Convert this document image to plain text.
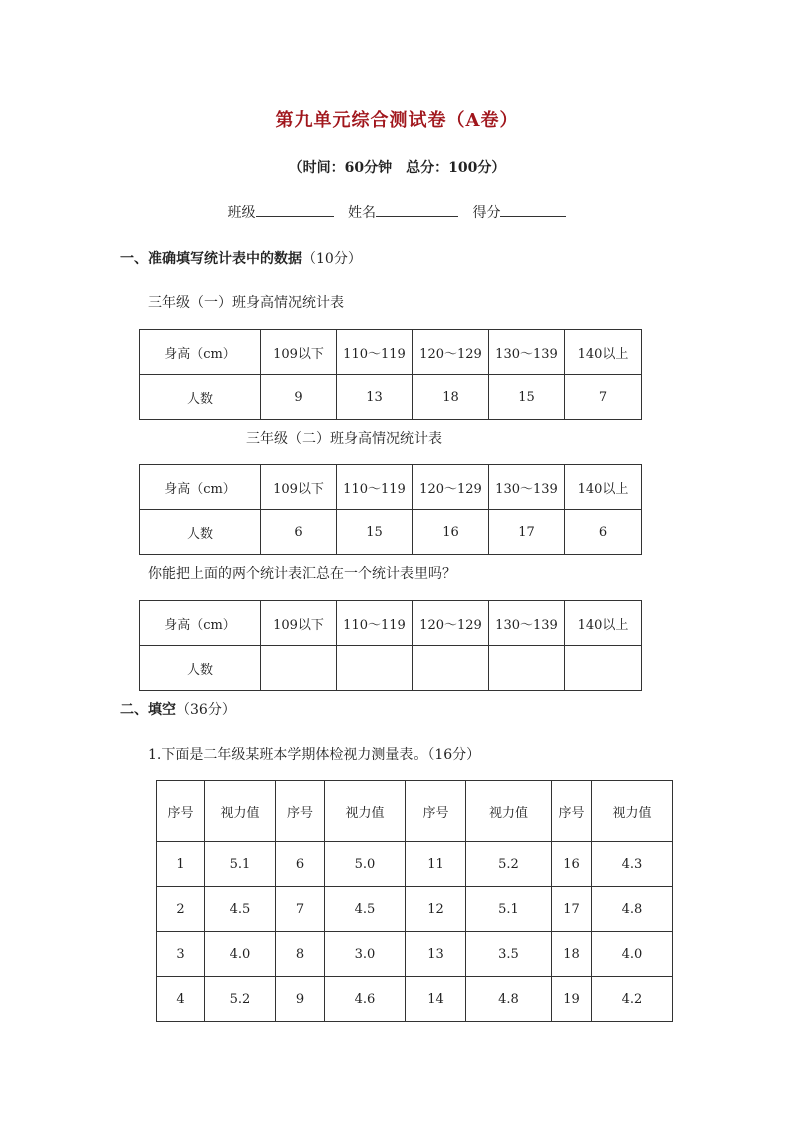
第九单元综合测试卷（A卷）
（时间：60分钟　总分：100分）
班级	姓名	得分
一、准确填写统计表中的数据（10分）
三年级（一）班身高情况统计表
身高（cm）	109以下	110～119	120～129	130～139	140以上
人数	9	13	18	15	7
三年级（二）班身高情况统计表
身高（cm）	109以下	110～119	120～129	130～139	140以上
人数	6	15	16	17	6
你能把上面的两个统计表汇总在一个统计表里吗？
身高（cm）	109以下	110～119	120～129	130～139	140以上
人数					
二、填空（36分）
1.下面是二年级某班本学期体检视力测量表。（16分）
序号	视力值	序号	视力值	序号	视力值	序号	视力值
1	5.1	6	5.0	11	5.2	16	4.3
2	4.5	7	4.5	12	5.1	17	4.8
3	4.0	8	3.0	13	3.5	18	4.0
4	5.2	9	4.6	14	4.8	19	4.2
